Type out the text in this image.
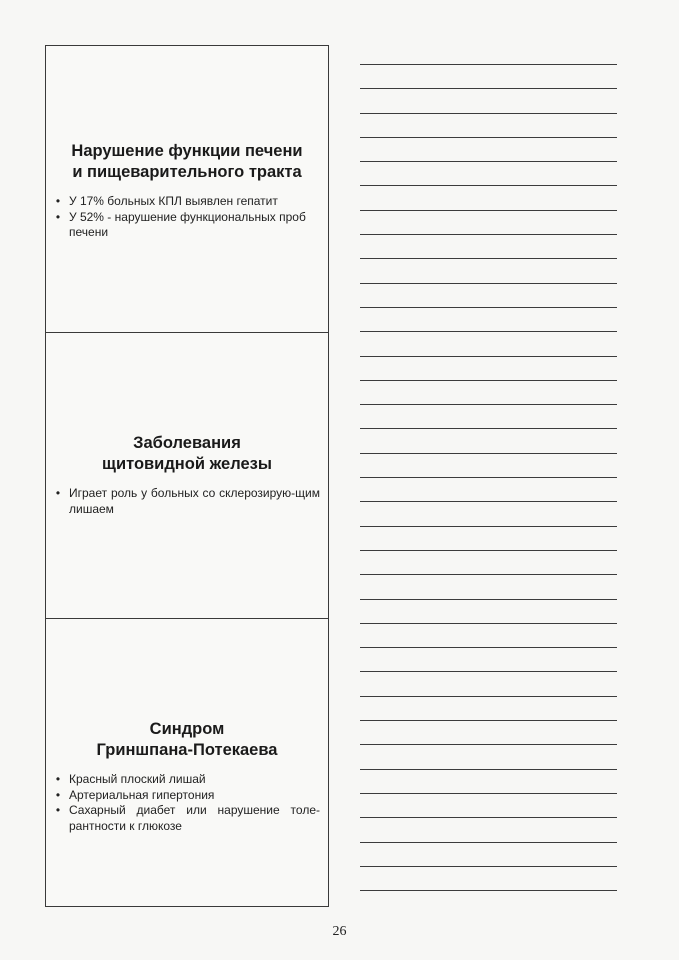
Нарушение функции печени
и пищеварительного тракта
• У 17% больных КПЛ выявлен гепатит
• У 52% - нарушение функциональных проб печени
Заболевания
щитовидной железы
• Играет роль у больных со склерозирую-щим лишаем
Синдром
Гриншпана-Потекаева
• Красный плоский лишай
• Артериальная гипертония
• Сахарный диабет или нарушение толе-рантности к глюкозе
26
